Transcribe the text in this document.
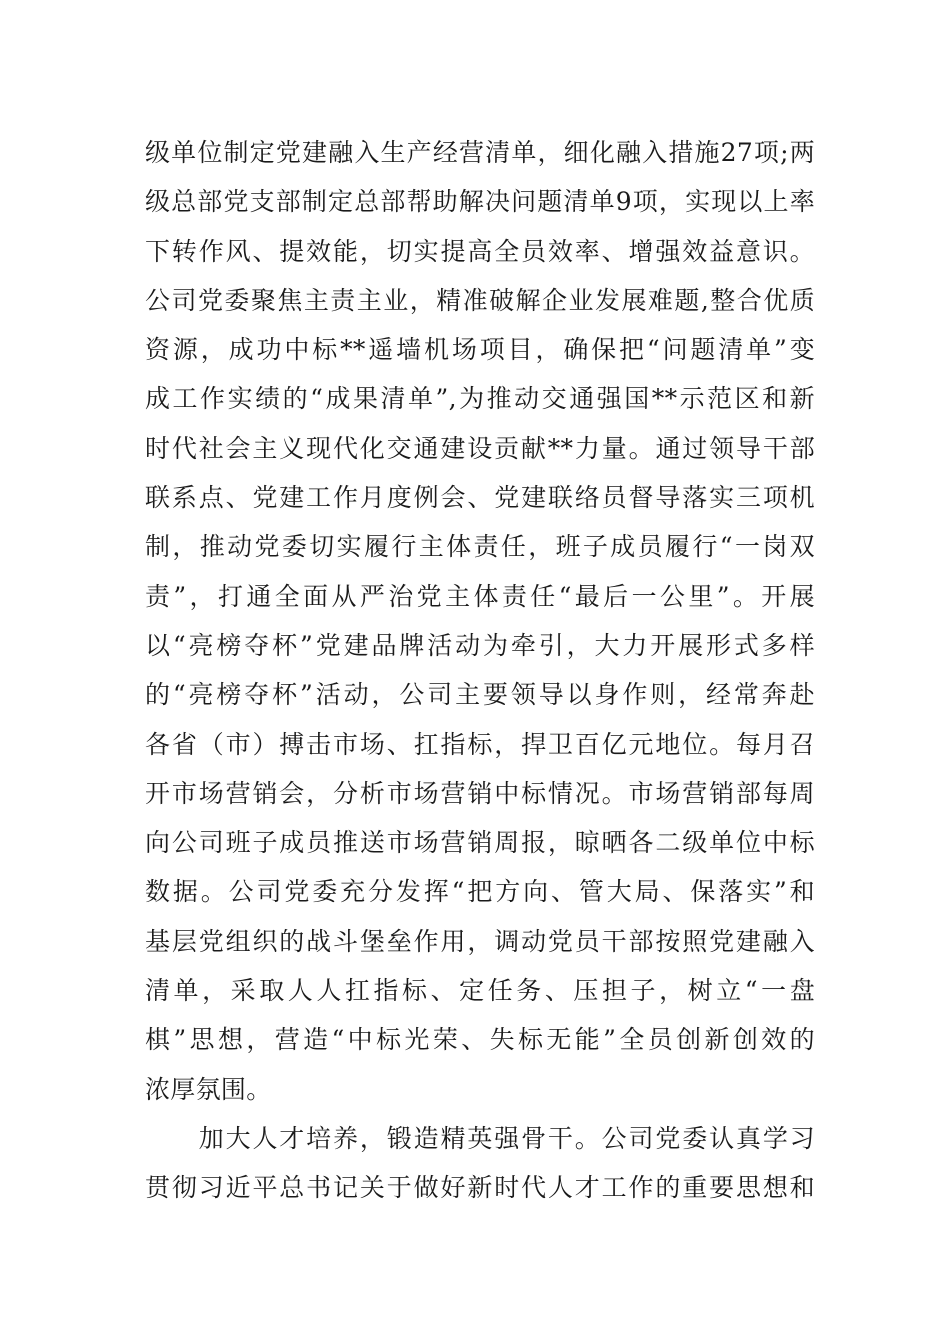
级单位制定党建融入生产经营清单，细化融入措施27项;两
级总部党支部制定总部帮助解决问题清单9项，实现以上率
下转作风、提效能，切实提高全员效率、增强效益意识。
公司党委聚焦主责主业，精准破解企业发展难题,整合优质
资源，成功中标**遥墙机场项目，确保把“问题清单”变
成工作实绩的“成果清单”,为推动交通强国**示范区和新
时代社会主义现代化交通建设贡献**力量。通过领导干部
联系点、党建工作月度例会、党建联络员督导落实三项机
制，推动党委切实履行主体责任，班子成员履行“一岗双
责”，打通全面从严治党主体责任“最后一公里”。开展
以“亮榜夺杯”党建品牌活动为牵引，大力开展形式多样
的“亮榜夺杯”活动，公司主要领导以身作则，经常奔赴
各省（市）搏击市场、扛指标，捍卫百亿元地位。每月召
开市场营销会，分析市场营销中标情况。市场营销部每周
向公司班子成员推送市场营销周报，晾晒各二级单位中标
数据。公司党委充分发挥“把方向、管大局、保落实”和
基层党组织的战斗堡垒作用，调动党员干部按照党建融入
清单，采取人人扛指标、定任务、压担子，树立“一盘
棋”思想，营造“中标光荣、失标无能”全员创新创效的
浓厚氛围。
　　加大人才培养，锻造精英强骨干。公司党委认真学习
贯彻习近平总书记关于做好新时代人才工作的重要思想和
